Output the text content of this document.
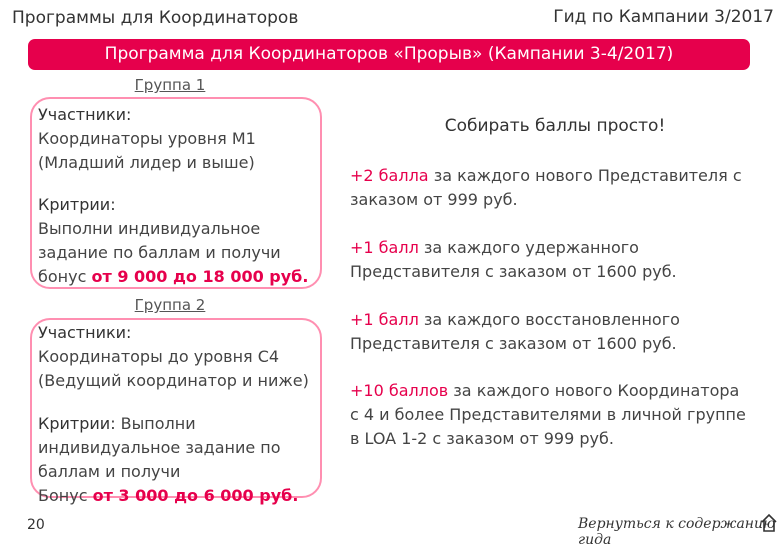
Программы для Координаторов	Гид по Кампании 3/2017
Программа для Координаторов «Прорыв» (Кампании 3-4/2017)
Группа 1

Участники:

Координаторы уровня М1

(Младший лидер и выше)

Критрии:

Выполни индивидуальное

задание по баллам и получи

бонус от 9 000 до 18 000 руб.

Группа 2

Участники:

Координаторы до уровня С4

(Ведущий координатор и ниже)

Критрии: Выполни

индивидуальное задание по

баллам и получи

Бонус от 3 000 до 6 000 руб.

Собирать баллы просто!
+2 балла за каждого нового Представителя с заказом от 999 руб.
+1 балл за каждого удержанного Представителя с заказом от 1600 руб.
+1 балл за каждого восстановленного Представителя с заказом от 1600 руб.
+10 баллов за каждого нового Координатора с 4 и более Представителями в личной группе в LOA 1-2 с заказом от 999 руб.
20	Вернуться к содержанию гида
